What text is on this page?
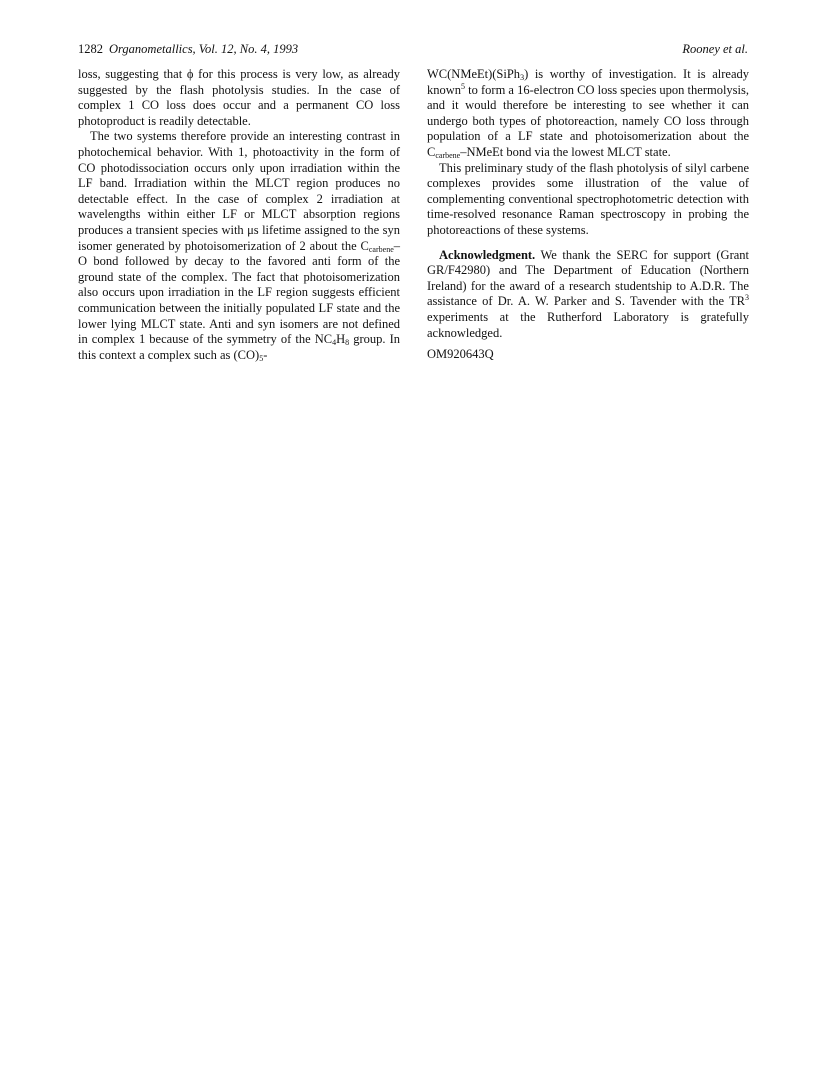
1282 Organometallics, Vol. 12, No. 4, 1993	Rooney et al.

loss, suggesting that ϕ for this process is very low, as already suggested by the flash photolysis studies. In the case of complex 1 CO loss does occur and a permanent CO loss photoproduct is readily detectable.

The two systems therefore provide an interesting contrast in photochemical behavior. With 1, photoactivity in the form of CO photodissociation occurs only upon irradiation within the LF band. Irradiation within the MLCT region produces no detectable effect. In the case of complex 2 irradiation at wavelengths within either LF or MLCT absorption regions produces a transient species with μs lifetime assigned to the syn isomer generated by photoisomerization of 2 about the $C_{carbene}-O$ bond followed by decay to the favored anti form of the ground state of the complex. The fact that photoisomerization also occurs upon irradiation in the LF region suggests efficient communication between the initially populated LF state and the lower lying MLCT state. Anti and syn isomers are not defined in complex 1 because of the symmetry of the $NC_4H_8$ group. In this context a complex such as $(CO)_5-$

WC(NMeEt)(SiPh$_3$) is worthy of investigation. It is already known$^5$ to form a 16-electron CO loss species upon thermolysis, and it would therefore be interesting to see whether it can undergo both types of photoreaction, namely CO loss through population of a LF state and photoisomerization about the $C_{carbene}$–NMeEt bond via the lowest MLCT state.

This preliminary study of the flash photolysis of silyl carbene complexes provides some illustration of the value of complementing conventional spectrophotometric detection with time-resolved resonance Raman spectroscopy in probing the photoreactions of these systems.

Acknowledgment. We thank the SERC for support (Grant GR/F42980) and The Department of Education (Northern Ireland) for the award of a research studentship to A.D.R. The assistance of Dr. A. W. Parker and S. Tavender with the $TR^3$ experiments at the Rutherford Laboratory is gratefully acknowledged.

OM920643Q
